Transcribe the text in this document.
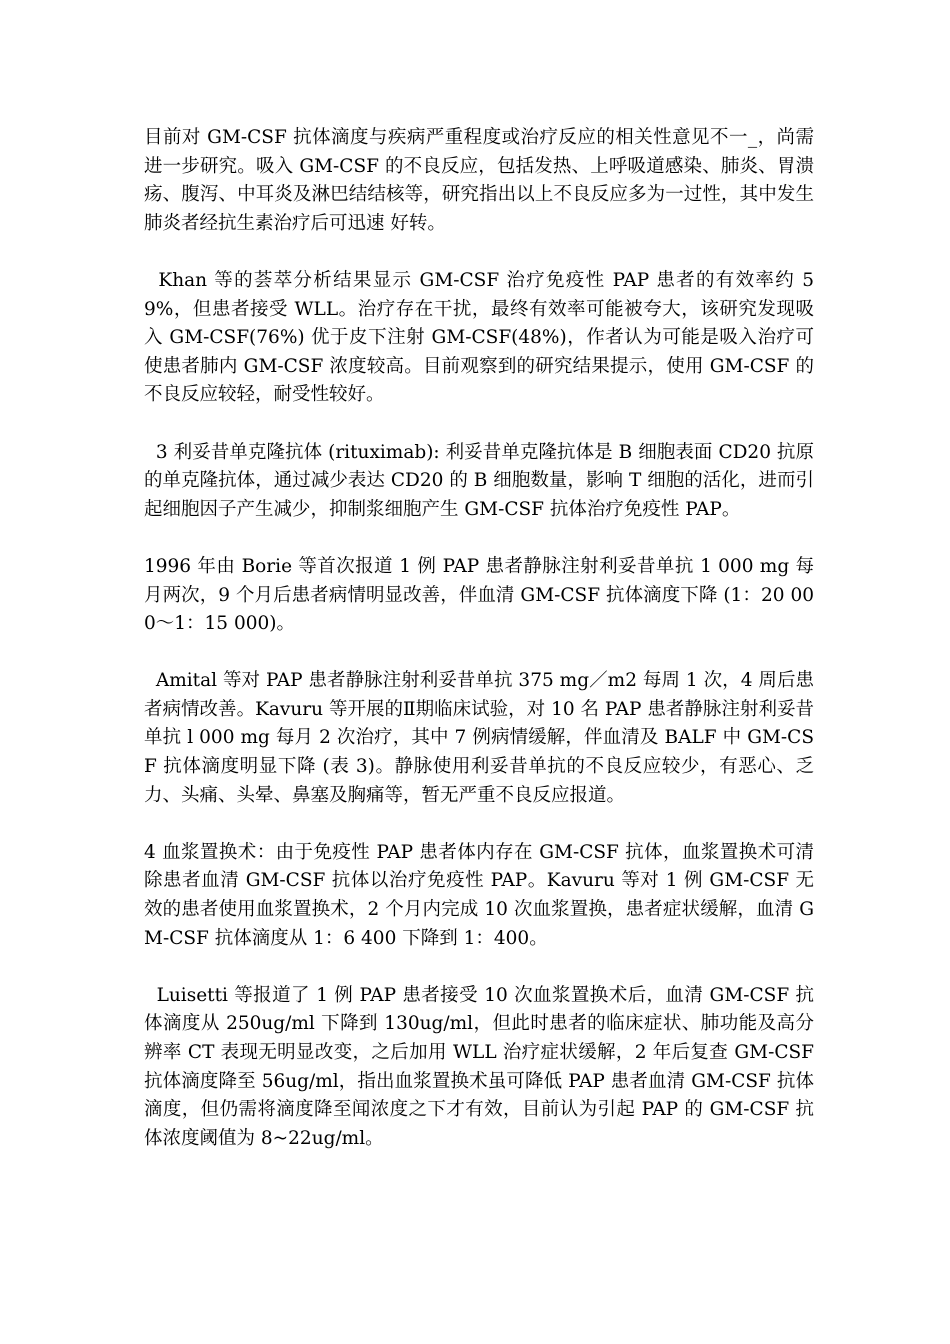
目前对 GM-CSF 抗体滴度与疾病严重程度或治疗反应的相关性意见不一_，尚需进一步研究。吸入 GM-CSF 的不良反应，包括发热、上呼吸道感染、肺炎、胃溃疡、腹泻、中耳炎及淋巴结结核等，研究指出以上不良反应多为一过性，其中发生肺炎者经抗生素治疗后可迅速 好转。

Khan 等的荟萃分析结果显示 GM-CSF 治疗免疫性 PAP 患者的有效率约 59%，但患者接受 WLL。治疗存在干扰，最终有效率可能被夸大，该研究发现吸入 GM-CSF(76%) 优于皮下注射 GM-CSF(48%)，作者认为可能是吸入治疗可使患者肺内 GM-CSF 浓度较高。目前观察到的研究结果提示，使用 GM-CSF 的不良反应较轻，耐受性较好。

3 利妥昔单克隆抗体 (rituximab): 利妥昔单克隆抗体是 B 细胞表面 CD20 抗原的单克隆抗体，通过减少表达 CD20 的 B 细胞数量，影响 T 细胞的活化，进而引起细胞因子产生减少，抑制浆细胞产生 GM-CSF 抗体治疗免疫性 PAP。

1996 年由 Borie 等首次报道 1 例 PAP 患者静脉注射利妥昔单抗 1 000 mg 每月两次，9 个月后患者病情明显改善，伴血清 GM-CSF 抗体滴度下降 (1：20 000～1：15 000)。

Amital 等对 PAP 患者静脉注射利妥昔单抗 375 mg／m2 每周 1 次，4 周后患者病情改善。Kavuru 等开展的Ⅱ期临床试验，对 10 名 PAP 患者静脉注射利妥昔单抗 l 000 mg 每月 2 次治疗，其中 7 例病情缓解，伴血清及 BALF 中 GM-CSF 抗体滴度明显下降 (表 3)。静脉使用利妥昔单抗的不良反应较少，有恶心、乏力、头痛、头晕、鼻塞及胸痛等，暂无严重不良反应报道。

4 血浆置换术：由于免疫性 PAP 患者体内存在 GM-CSF 抗体，血浆置换术可清除患者血清 GM-CSF 抗体以治疗免疫性 PAP。Kavuru 等对 1 例 GM-CSF 无效的患者使用血浆置换术，2 个月内完成 10 次血浆置换，患者症状缓解，血清 GM-CSF 抗体滴度从 1：6 400 下降到 1：400。

Luisetti 等报道了 1 例 PAP 患者接受 10 次血浆置换术后，血清 GM-CSF 抗体滴度从 250ug/ml 下降到 130ug/ml，但此时患者的临床症状、肺功能及高分辨率 CT 表现无明显改变，之后加用 WLL 治疗症状缓解，2 年后复查 GM-CSF 抗体滴度降至 56ug/ml，指出血浆置换术虽可降低 PAP 患者血清 GM-CSF 抗体滴度，但仍需将滴度降至闻浓度之下才有效，目前认为引起 PAP 的 GM-CSF 抗体浓度阈值为 8~22ug/ml。
